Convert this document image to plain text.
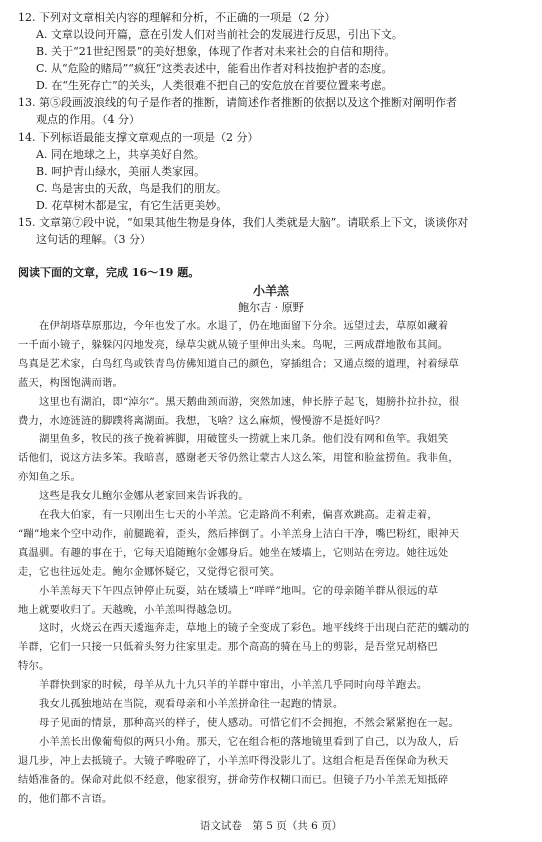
12. 下列对文章相关内容的理解和分析，不正确的一项是（2 分）
A. 文章以设问开篇，意在引发人们对当前社会的发展进行反思，引出下文。
B. 关于“21世纪图景”的美好想象，体现了作者对未来社会的自信和期待。
C. 从“危险的赌局”“疯狂”这类表述中，能看出作者对科技抱护者的态度。
D. 在“生死存亡”的关头，人类很难不把自己的安危放在首要位置来考虑。
13. 第⑤段画波浪线的句子是作者的推断，请简述作者推断的依据以及这个推断对阐明作者
观点的作用。（4 分）
14. 下列标语最能支撑文章观点的一项是（2 分）
A. 同在地球之上，共享美好自然。
B. 呵护青山绿水，美丽人类家园。
C. 鸟是害虫的天敌，鸟是我们的朋友。
D. 花草树木都是宝，有它生活更美妙。
15. 文章第⑦段中说，“如果其他生物是身体，我们人类就是大脑”。请联系上下文，谈谈你对
这句话的理解。（3 分）
阅读下面的文章，完成 16～19 题。
小羊羔
鲍尔吉 · 原野
　　在伊胡塔草原那边，今年也发了水。水退了，仍在地面留下分余。远望过去，草原如藏着
一千面小镜子，躲躲闪闪地发亮，绿草尖就从镜子里伸出头来。鸟呢，三两成群地散布其间。
鸟真是艺术家，白鸟红鸟或铁青鸟仿佛知道自己的颜色，穿插组合；又通点缀的道理，衬着绿草
蓝天，构图饱满而谐。
　　这里也有湖泊，即“淖尔”。黑天鹅曲颈而游，突然加速，伸长脖子起飞，翅膀扑拉扑拉，很
费力，水迹涟涟的脚蹼将离湖面。我想，飞啥？这么麻烦，慢慢游不是挺好吗？
　　湖里鱼多，牧民的孩子挽着裤脚，用破筐头一捞就上来几条。他们没有网和鱼竿。我姐笑
话他们，说这方法多笨。我暗喜，感谢老天爷仍然让蒙古人这么笨，用筐和脸盆捞鱼。我非鱼，
亦知鱼之乐。
　　这些是我女儿鲍尔金娜从老家回来告诉我的。
　　在我大伯家，有一只刚出生七天的小羊羔。它走路尚不利索，偏喜欢跳高。走着走着，
“蹦”地来个空中动作，前腿跪着，歪头，然后摔倒了。小羊羔身上洁白干净，嘴巴粉红，眼神天
真温驯。有趣的事在于，它每天追随鲍尔金娜身后。她坐在矮墙上，它则站在旁边。她往远处
走，它也往远处走。鲍尔金娜怀疑它，又觉得它很可笑。
　　小羊羔每天下午四点钟停止玩耍，站在矮墙上“咩咩”地叫。它的母亲随羊群从很远的草
地上就要收归了。天越晚，小羊羔叫得越急切。
　　这时，火烧云在西天逶迤奔走，草地上的镜子全变成了彩色。地平线终于出现白茫茫的蠕动的
羊群，它们一只接一只低着头努力往家里走。那个高高的骑在马上的剪影，是吾堂兄胡格巴
特尔。
　　羊群快到家的时候，母羊从九十九只羊的羊群中窜出，小羊羔几乎同时向母羊跑去。
　　我女儿孤独地站在当院，观看母亲和小羊羔拼命往一起跑的情景。
　　母子见面的情景，那种高兴的样子，使人感动。可惜它们不会拥抱，不然会紧紧抱在一起。
　　小羊羔长出像葡萄似的两只小角。那天，它在组合柜的落地镜里看到了自己，以为敌人，后
退几步，冲上去抵镜子。大镜子哗啦碎了，小羊羔吓得没影儿了。这组合柜是吾侄保命为秋天
结婚准备的。保命对此似不经意，他家很穷，拼命劳作权糊口而已。但镜子乃小羊羔无知抵碎
的，他们都不言语。
语文试卷　第 5 页（共 6 页）
